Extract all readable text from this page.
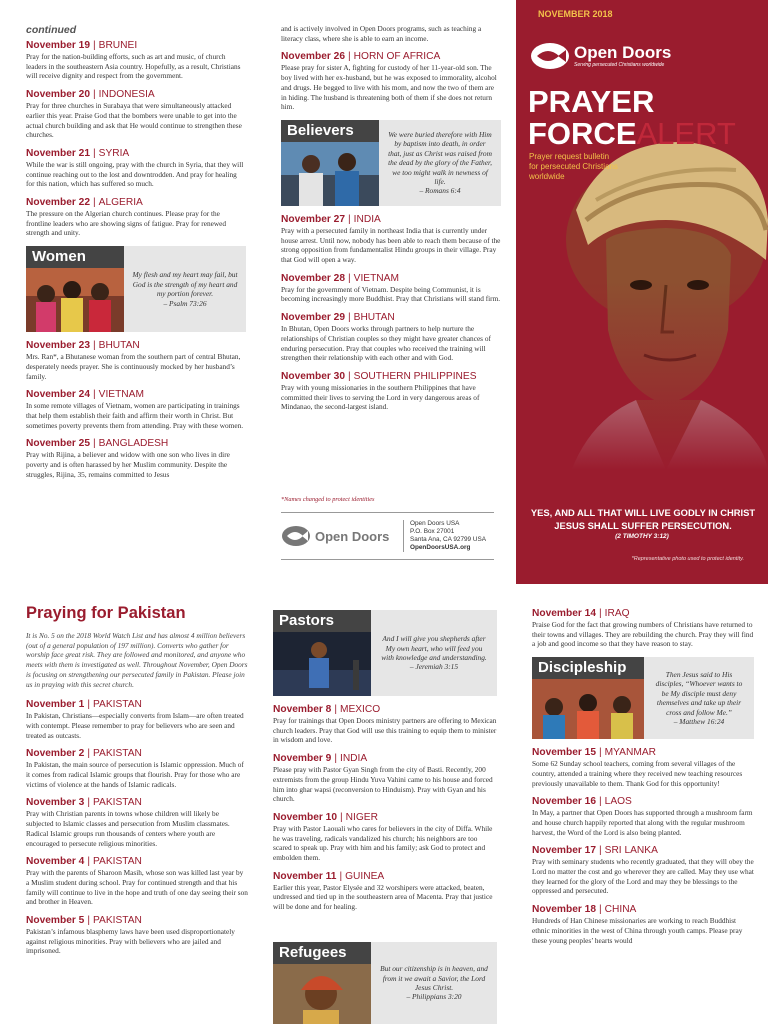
continued
November 19 | BRUNEI

Pray for the nation-building efforts, such as art and music, of church leaders in the southeastern Asia country. Hopefully, as a result, Christians will receive dignity and respect from the government.

November 20 | INDONESIA

Pray for three churches in Surabaya that were simultaneously attacked earlier this year. Praise God that the bombers were unable to get into the actual church building and ask that He would continue to strengthen these churches.

November 21 | SYRIA

While the war is still ongoing, pray with the church in Syria, that they will continue reaching out to the lost and downtrodden. And pray for healing for this nation, which has suffered so much.

November 22 | ALGERIA

The pressure on the Algerian church continues. Please pray for the frontline leaders who are showing signs of fatigue. Pray for renewed strength and unity.

Women

My flesh and my heart may fail, but God is the strength of my heart and my portion forever.
– Psalm 73:26

November 23 | BHUTAN

Mrs. Ran*, a Bhutanese woman from the southern part of central Bhutan, desperately needs prayer. She is continuously mocked by her husband’s family.

November 24 | VIETNAM

In some remote villages of Vietnam, women are participating in trainings that help them establish their faith and affirm their worth in Christ. But sometimes poverty prevents them from attending. Pray with these women.

November 25 | BANGLADESH

Pray with Rijina, a believer and widow with one son who lives in dire poverty and is often harassed by her Muslim community. Despite the struggles, Rijina, 35, remains committed to Jesus

and is actively involved in Open Doors programs, such as teaching a literacy class, where she is able to earn an income.

November 26 | HORN OF AFRICA

Please pray for sister A, fighting for custody of her 11-year-old son. The boy lived with her ex-husband, but he was exposed to immorality, alcohol and drugs. He begged to live with his mom, and now the two of them are in hiding. The husband is threatening both of them if she does not return him.

Believers	We were buried therefore with Him by baptism into death, in order that, just as Christ was raised from the dead by the glory of the Father, we too might walk in newness of life.
– Romans 6:4

November 27 | INDIA

Pray with a persecuted family in northeast India that is currently under house arrest. Until now, nobody has been able to reach them because of the strong opposition from fundamentalist Hindu groups in their village. Pray that God will open a way.

November 28 | VIETNAM

Pray for the government of Vietnam. Despite being Communist, it is becoming increasingly more Buddhist. Pray that Christians will stand firm.

November 29 | BHUTAN

In Bhutan, Open Doors works through partners to help nurture the relationships of Christian couples so they might have greater chances of enduring persecution. Pray that couples who received the training will strengthen their relationship with each other and with God.

November 30 | SOUTHERN PHILIPPINES

Pray with young missionaries in the southern Philippines that have committed their lives to serving the Lord in very dangerous areas of Mindanao, the second-largest island.

*Names changed to protect identities
Open Doors
Open Doors USA
P.O. Box 27001
Santa Ana, CA 92799 USA
OpenDoorsUSA.org
NOVEMBER 2018
Open Doors
Serving persecuted Christians worldwide
PRAYER
FORCEALERT
Prayer request bulletin for persecuted Christians worldwide
YES, AND ALL THAT WILL LIVE GODLY IN CHRIST JESUS SHALL SUFFER PERSECUTION.
(2 TIMOTHY 3:12)
*Representative photo used to protect identity.
Praying for Pakistan

It is No. 5 on the 2018 World Watch List and has almost 4 million believers (out of a general population of 197 million). Converts who gather for worship face great risk. They are followed and monitored, and anyone who meets with them is investigated as well. Throughout November, Open Doors is focusing on strengthening our persecuted family in Pakistan. Please join us in praying with this secret church.

November 1 | PAKISTAN

In Pakistan, Christians—especially converts from Islam—are often treated with contempt. Please remember to pray for believers who are seen and treated as outcasts.

November 2 | PAKISTAN

In Pakistan, the main source of persecution is Islamic oppression. Much of it comes from radical Islamic groups that flourish. Pray for those who are victims of violence at the hands of Islamic radicals.

November 3 | PAKISTAN

Pray with Christian parents in towns whose children will likely be subjected to Islamic classes and persecution from Muslim classmates. Radical Islamic groups run thousands of centers where youth are encouraged to persecute religious minorities.

November 4 | PAKISTAN

Pray with the parents of Sharoon Masih, whose son was killed last year by a Muslim student during school. Pray for continued strength and that his family will continue to live in the hope and truth of one day seeing their son and brother in Heaven.

November 5 | PAKISTAN

Pakistan’s infamous blasphemy laws have been used disproportionately against religious minorities. Pray with believers who are jailed and imprisoned.

Pastors

And I will give you shepherds after My own heart, who will feed you with knowledge and understanding.
– Jeremiah 3:15

November 8 | MEXICO

Pray for trainings that Open Doors ministry partners are offering to Mexican church leaders. Pray that God will use this training to equip them to minister in wisdom and love.

November 9 | INDIA

Please pray with Pastor Gyan Singh from the city of Basti. Recently, 200 extremists from the group Hindu Yuva Vahini came to his house and forced him into ghar wapsi (reconversion to Hinduism). Pray with Gyan and his church.

November 10 | NIGER

Pray with Pastor Laouali who cares for believers in the city of Diffa. While he was traveling, radicals vandalized his church; his neighbors are too scared to speak up. Pray with him and his family; ask God to protect and embolden them.

November 11 | GUINEA

Earlier this year, Pastor Elysée and 32 worshipers were attacked, beaten, undressed and tied up in the southeastern area of Macenta. Pray that justice will be done and for healing.

Refugees

But our citizenship is in heaven, and from it we await a Savior, the Lord Jesus Christ.
– Philippians 3:20

November 14 | IRAQ

Praise God for the fact that growing numbers of Christians have returned to their towns and villages. They are rebuilding the church. Pray they will find a job and good income so that they have reason to stay.

Discipleship	Then Jesus said to His disciples, “Whoever wants to be My disciple must deny themselves and take up their cross and follow Me.”
– Matthew 16:24

November 15 | MYANMAR

Some 62 Sunday school teachers, coming from several villages of the country, attended a training where they received new teaching resources previously unavailable to them. Thank God for this opportunity!

November 16 | LAOS

In May, a partner that Open Doors has supported through a mushroom farm and house church happily reported that along with the regular mushroom harvest, the Word of the Lord is also being planted.

November 17 | SRI LANKA

Pray with seminary students who recently graduated, that they will obey the Lord no matter the cost and go wherever they are called. May they use what they learned for the glory of the Lord and may they be blessings to the oppressed and persecuted.

November 18 | CHINA

Hundreds of Han Chinese missionaries are working to reach Buddhist ethnic minorities in the west of China through youth camps. Please pray these young peoples’ hearts would
